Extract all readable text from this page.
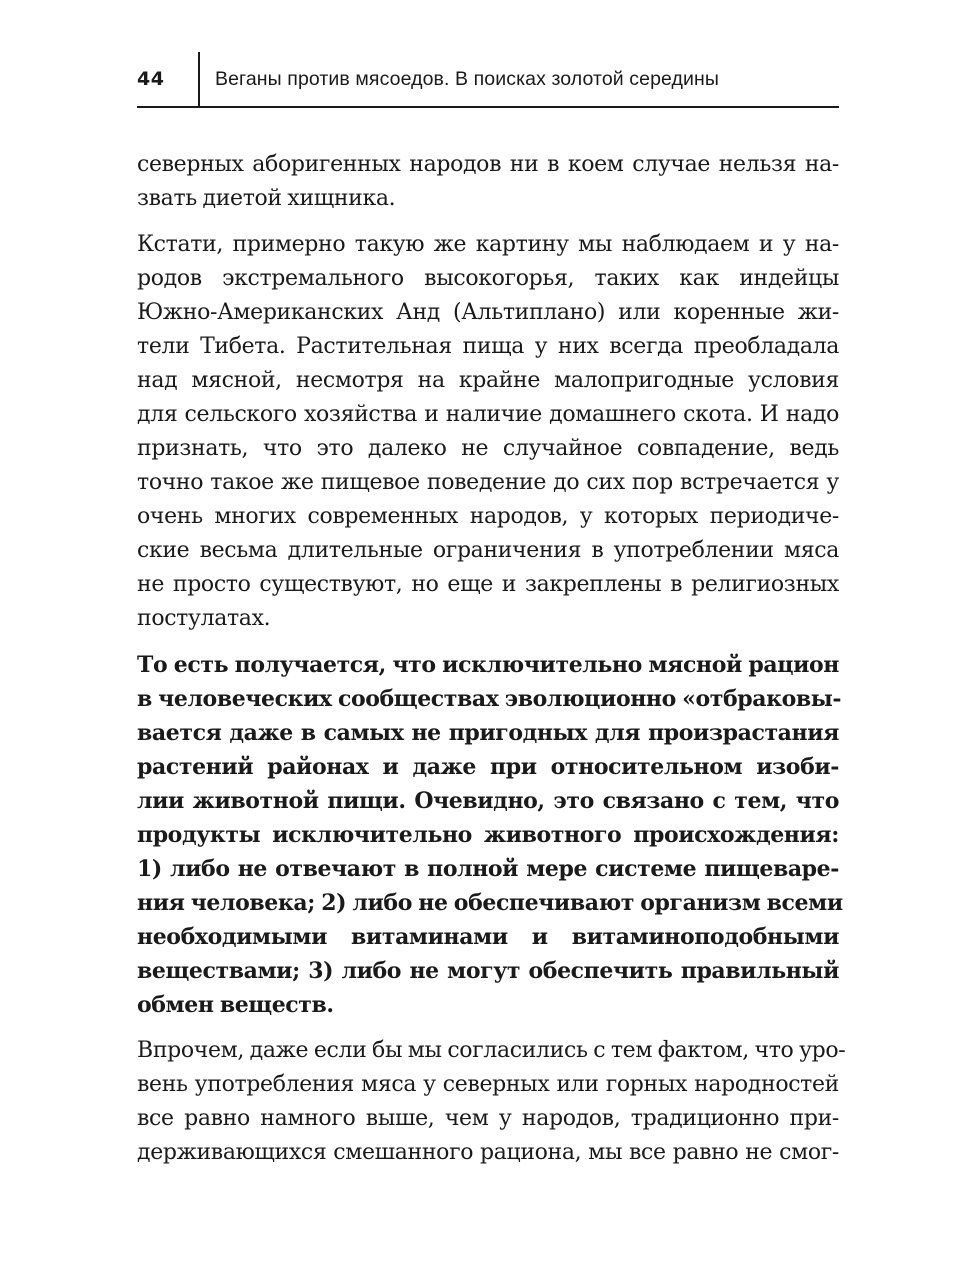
44	Веганы против мясоедов. В поисках золотой середины
северных аборигенных народов ни в коем случае нельзя на-
звать диетой хищника.
Кстати, примерно такую же картину мы наблюдаем и у на-
родов экстремального высокогорья, таких как индейцы
Южно-Американских Анд (Альтиплано) или коренные жи-
тели Тибета. Растительная пища у них всегда преобладала
над мясной, несмотря на крайне малопригодные условия
для сельского хозяйства и наличие домашнего скота. И надо
признать, что это далеко не случайное совпадение, ведь
точно такое же пищевое поведение до сих пор встречается у
очень многих современных народов, у которых периодиче-
ские весьма длительные ограничения в употреблении мяса
не просто существуют, но еще и закреплены в религиозных
постулатах.
То есть получается, что исключительно мясной рацион
в человеческих сообществах эволюционно «отбраковы-
вается даже в самых не пригодных для произрастания
растений районах и даже при относительном изоби-
лии животной пищи. Очевидно, это связано с тем, что
продукты исключительно животного происхождения:
1) либо не отвечают в полной мере системе пищеваре-
ния человека; 2) либо не обеспечивают организм всеми
необходимыми витаминами и витаминоподобными
веществами; 3) либо не могут обеспечить правильный
обмен веществ.
Впрочем, даже если бы мы согласились с тем фактом, что уро-
вень употребления мяса у северных или горных народностей
все равно намного выше, чем у народов, традиционно при-
держивающихся смешанного рациона, мы все равно не смог-
